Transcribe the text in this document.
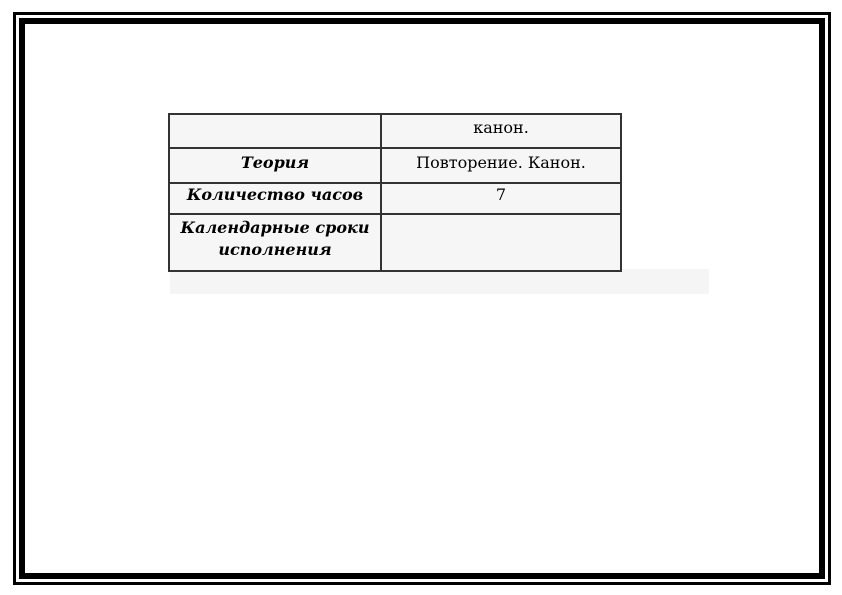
	канон.
Теория	Повторение. Канон.
Количество часов	7
Календарные сроки исполнения	
